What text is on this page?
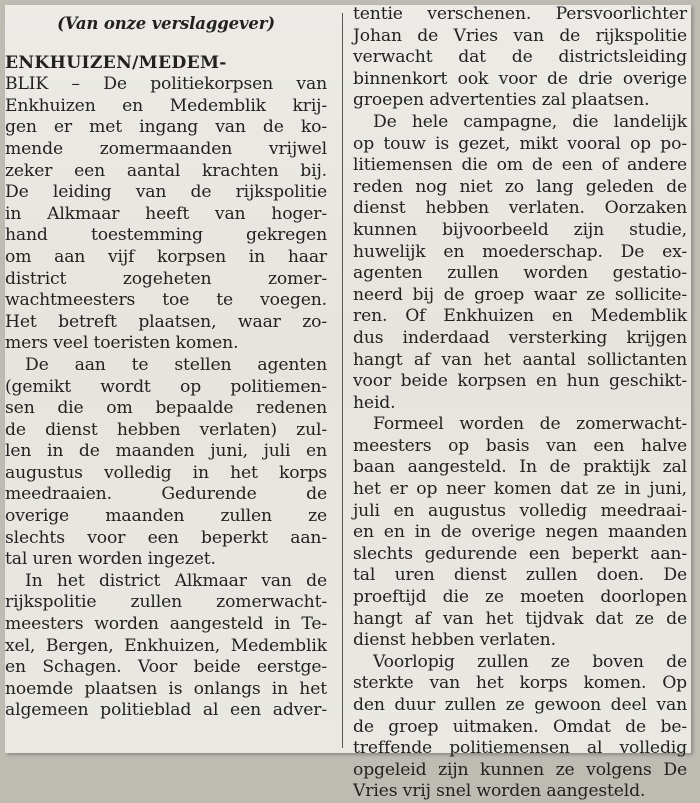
(Van onze verslaggever)
ENKHUIZEN/MEDEM-
BLIK – De politiekorpsen van
Enkhuizen en Medemblik krij-
gen er met ingang van de ko-
mende zomermaanden vrijwel
zeker een aantal krachten bij.
De leiding van de rijkspolitie
in Alkmaar heeft van hoger-
hand toestemming gekregen
om aan vijf korpsen in haar
district zogeheten zomer-
wachtmeesters toe te voegen.
Het betreft plaatsen, waar zo-
mers veel toeristen komen.
De aan te stellen agenten
(gemikt wordt op politiemen-
sen die om bepaalde redenen
de dienst hebben verlaten) zul-
len in de maanden juni, juli en
augustus volledig in het korps
meedraaien. Gedurende de
overige maanden zullen ze
slechts voor een beperkt aan-
tal uren worden ingezet.
In het district Alkmaar van de
rijkspolitie zullen zomerwacht-
meesters worden aangesteld in Te-
xel, Bergen, Enkhuizen, Medemblik
en Schagen. Voor beide eerstge-
noemde plaatsen is onlangs in het
algemeen politieblad al een adver-
tentie verschenen. Persvoorlichter
Johan de Vries van de rijkspolitie
verwacht dat de districtsleiding
binnenkort ook voor de drie overige
groepen advertenties zal plaatsen.
De hele campagne, die landelijk
op touw is gezet, mikt vooral op po-
litiemensen die om de een of andere
reden nog niet zo lang geleden de
dienst hebben verlaten. Oorzaken
kunnen bijvoorbeeld zijn studie,
huwelijk en moederschap. De ex-
agenten zullen worden gestatio-
neerd bij de groep waar ze sollicite-
ren. Of Enkhuizen en Medemblik
dus inderdaad versterking krijgen
hangt af van het aantal sollictanten
voor beide korpsen en hun geschikt-
heid.
Formeel worden de zomerwacht-
meesters op basis van een halve
baan aangesteld. In de praktijk zal
het er op neer komen dat ze in juni,
juli en augustus volledig meedraai-
en en in de overige negen maanden
slechts gedurende een beperkt aan-
tal uren dienst zullen doen. De
proeftijd die ze moeten doorlopen
hangt af van het tijdvak dat ze de
dienst hebben verlaten.
Voorlopig zullen ze boven de
sterkte van het korps komen. Op
den duur zullen ze gewoon deel van
de groep uitmaken. Omdat de be-
treffende politiemensen al volledig
opgeleid zijn kunnen ze volgens De
Vries vrij snel worden aangesteld.
